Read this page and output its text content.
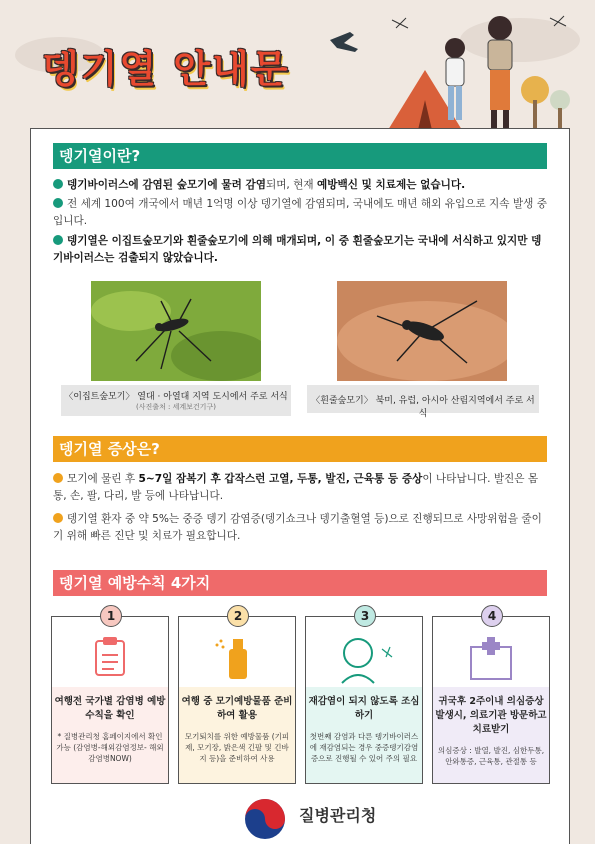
뎅기열 안내문
뎅기열이란?
뎅기바이러스에 감염된 숲모기에 물려 감염되며, 현재 예방백신 및 치료제는 없습니다.
전 세계 100여 개국에서 매년 1억명 이상 뎅기열에 감염되며, 국내에도 매년 해외 유입으로 지속 발생 중입니다.
뎅기열은 이집트숲모기와 흰줄숲모기에 의해 매개되며, 이 중 흰줄숲모기는 국내에 서식하고 있지만 뎅기바이러스는 검출되지 않았습니다.
〈이집트숲모기〉 열대 · 아열대 지역 도시에서 주로 서식
(사진출처 : 세계보건기구)
〈흰줄숲모기〉 북미, 유럽, 아시아 산림지역에서 주로 서식
뎅기열 증상은?
모기에 물린 후 5~7일 잠복기 후 갑작스런 고열, 두통, 발진, 근육통 등 증상이 나타납니다. 발진은 몸통, 손, 팔, 다리, 발 등에 나타납니다.
뎅기열 환자 중 약 5%는 중증 뎅기 감염증(뎅기쇼크나 뎅기출혈열 등)으로 진행되므로 사망위험을 줄이기 위해 빠른 진단 및 치료가 필요합니다.
뎅기열 예방수칙 4가지
1
여행전 국가별 감염병 예방수칙을 확인
* 질병관리청 홈페이지에서 확인 가능 (감염병-해외감염정보- 해외감염병NOW)
2
여행 중 모기예방물품 준비하여 활용
모기퇴치를 위한 예방물품 (기피제, 모기장, 밝은색 긴팔 및 긴바지 등)을 준비하여 사용
3
재감염이 되지 않도록 조심하기
첫번째 감염과 다른 뎅기바이러스에 재감염되는 경우 중증뎅기감염증으로 진행될 수 있어 주의 필요
4
귀국후 2주이내 의심증상 발생시, 의료기관 방문하고 치료받기
의심증상 : 발열, 발진, 심한두통, 안와통증, 근육통, 관절통 등
질병관리청
